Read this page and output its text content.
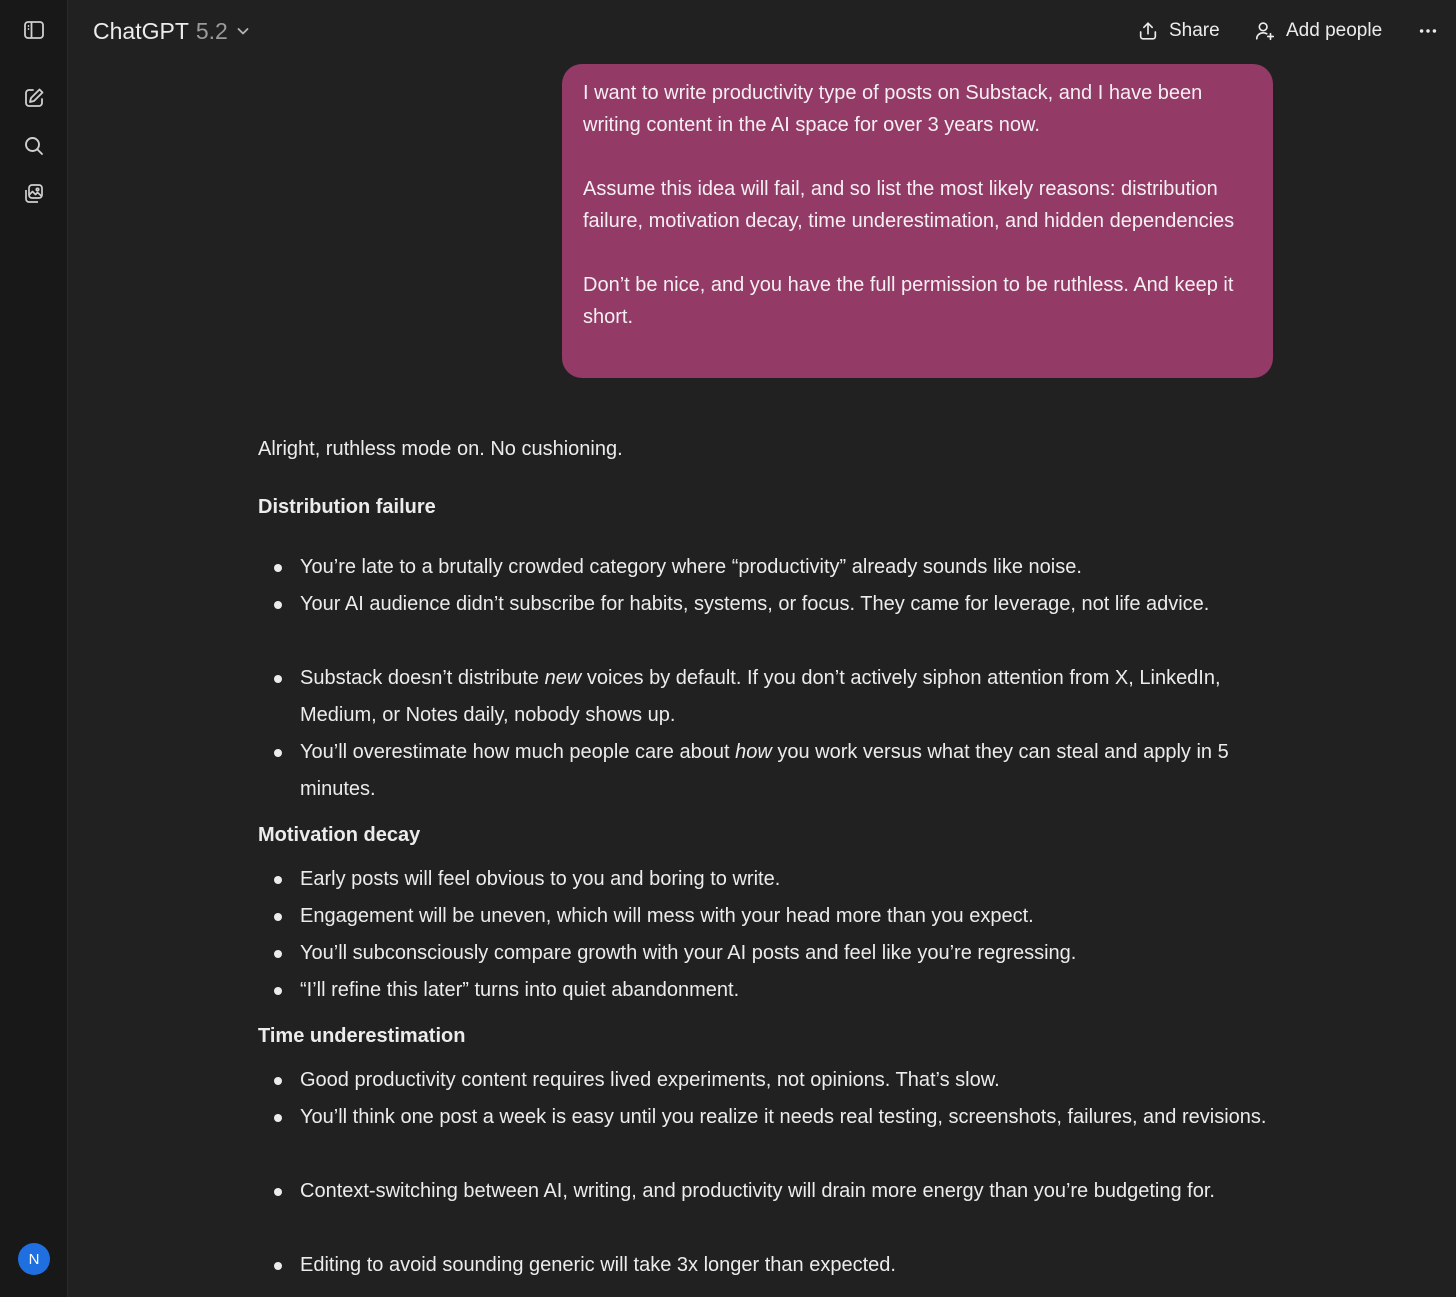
N
ChatGPT 5.2	Share	Add people

I want to write productivity type of posts on Substack, and I have been writing content in the AI space for over 3 years now.

Assume this idea will fail, and so list the most likely reasons: distribution failure, motivation decay, time underestimation, and hidden dependencies

Don’t be nice, and you have the full permission to be ruthless. And keep it short.

Alright, ruthless mode on. No cushioning.
Distribution failure
You’re late to a brutally crowded category where “productivity” already sounds like noise.
Your AI audience didn’t subscribe for habits, systems, or focus. They came for leverage, not life advice.
Substack doesn’t distribute new voices by default. If you don’t actively siphon attention from X, LinkedIn, Medium, or Notes daily, nobody shows up.
You’ll overestimate how much people care about how you work versus what they can steal and apply in 5 minutes.
Motivation decay
Early posts will feel obvious to you and boring to write.
Engagement will be uneven, which will mess with your head more than you expect.
You’ll subconsciously compare growth with your AI posts and feel like you’re regressing.
“I’ll refine this later” turns into quiet abandonment.
Time underestimation
Good productivity content requires lived experiments, not opinions. That’s slow.
You’ll think one post a week is easy until you realize it needs real testing, screenshots, failures, and revisions.
Context-switching between AI, writing, and productivity will drain more energy than you’re budgeting for.
Editing to avoid sounding generic will take 3x longer than expected.
